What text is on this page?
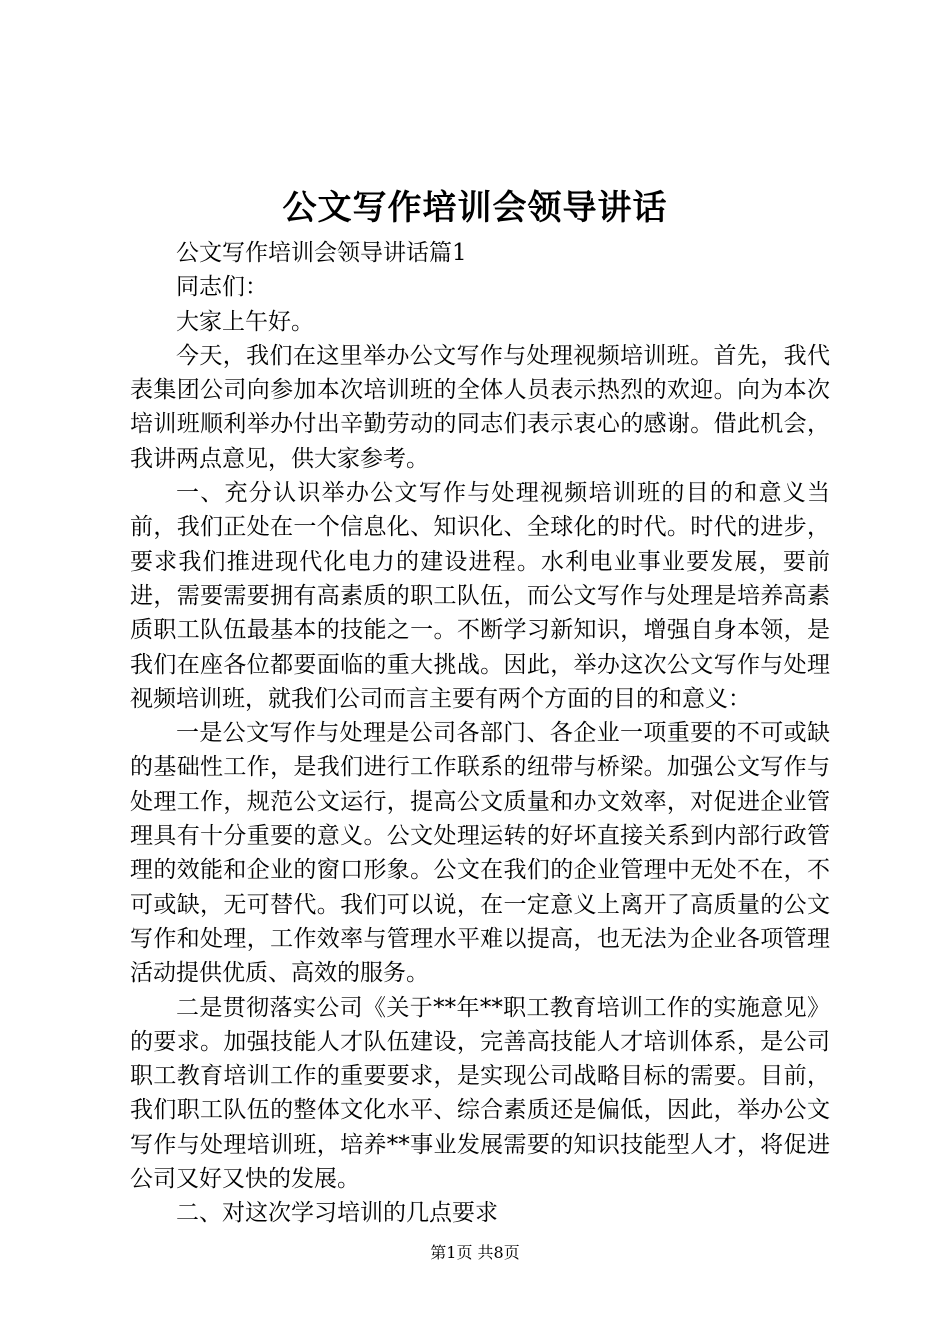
公文写作培训会领导讲话

公文写作培训会领导讲话篇1

同志们：

大家上午好。

今天，我们在这里举办公文写作与处理视频培训班。首先，我代表集团公司向参加本次培训班的全体人员表示热烈的欢迎。向为本次培训班顺利举办付出辛勤劳动的同志们表示衷心的感谢。借此机会，我讲两点意见，供大家参考。

一、充分认识举办公文写作与处理视频培训班的目的和意义当前，我们正处在一个信息化、知识化、全球化的时代。时代的进步，要求我们推进现代化电力的建设进程。水利电业事业要发展，要前进，需要需要拥有高素质的职工队伍，而公文写作与处理是培养高素质职工队伍最基本的技能之一。不断学习新知识，增强自身本领，是我们在座各位都要面临的重大挑战。因此，举办这次公文写作与处理视频培训班，就我们公司而言主要有两个方面的目的和意义：

一是公文写作与处理是公司各部门、各企业一项重要的不可或缺的基础性工作，是我们进行工作联系的纽带与桥梁。加强公文写作与处理工作，规范公文运行，提高公文质量和办文效率，对促进企业管理具有十分重要的意义。公文处理运转的好坏直接关系到内部行政管理的效能和企业的窗口形象。公文在我们的企业管理中无处不在，不可或缺，无可替代。我们可以说，在一定意义上离开了高质量的公文写作和处理，工作效率与管理水平难以提高，也无法为企业各项管理活动提供优质、高效的服务。

二是贯彻落实公司《关于**年**职工教育培训工作的实施意见》的要求。加强技能人才队伍建设，完善高技能人才培训体系，是公司职工教育培训工作的重要要求，是实现公司战略目标的需要。目前，我们职工队伍的整体文化水平、综合素质还是偏低，因此，举办公文写作与处理培训班，培养**事业发展需要的知识技能型人才，将促进公司又好又快的发展。

二、对这次学习培训的几点要求

第1页 共8页
